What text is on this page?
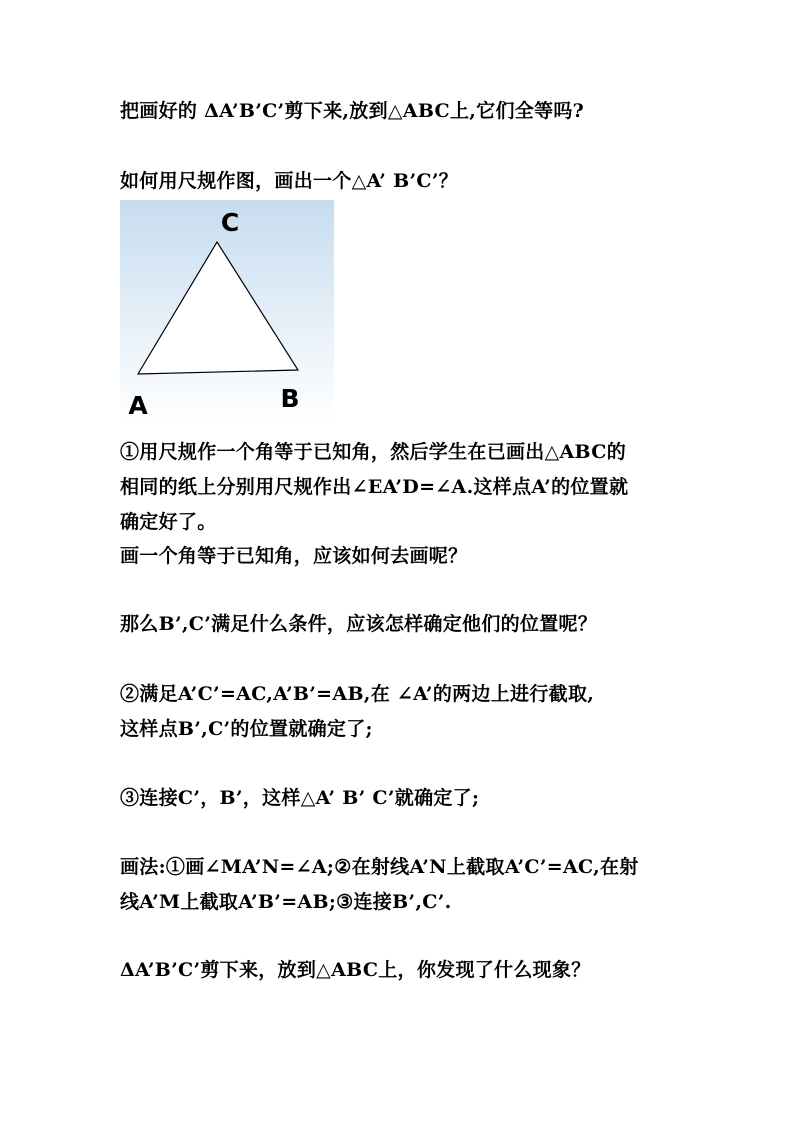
把画好的 ΔA’B’C’剪下来,放到△ABC上,它们全等吗?
如何用尺规作图，画出一个△A’ B’C’？
C
A	B
①用尺规作一个角等于已知角，然后学生在已画出△ABC的
相同的纸上分别用尺规作出∠EA’D=∠A.这样点A’的位置就
确定好了。
画一个角等于已知角，应该如何去画呢？
那么B’,C’满足什么条件，应该怎样确定他们的位置呢？
②满足A’C’=AC,A’B’=AB,在 ∠A’的两边上进行截取,
这样点B’,C’的位置就确定了;
③连接C’，B’，这样△A’ B’ C’就确定了;
画法:①画∠MA’N=∠A;②在射线A’N上截取A’C’=AC,在射
线A’M上截取A’B’=AB;③连接B’,C’.
ΔA’B’C’剪下来，放到△ABC上，你发现了什么现象？
